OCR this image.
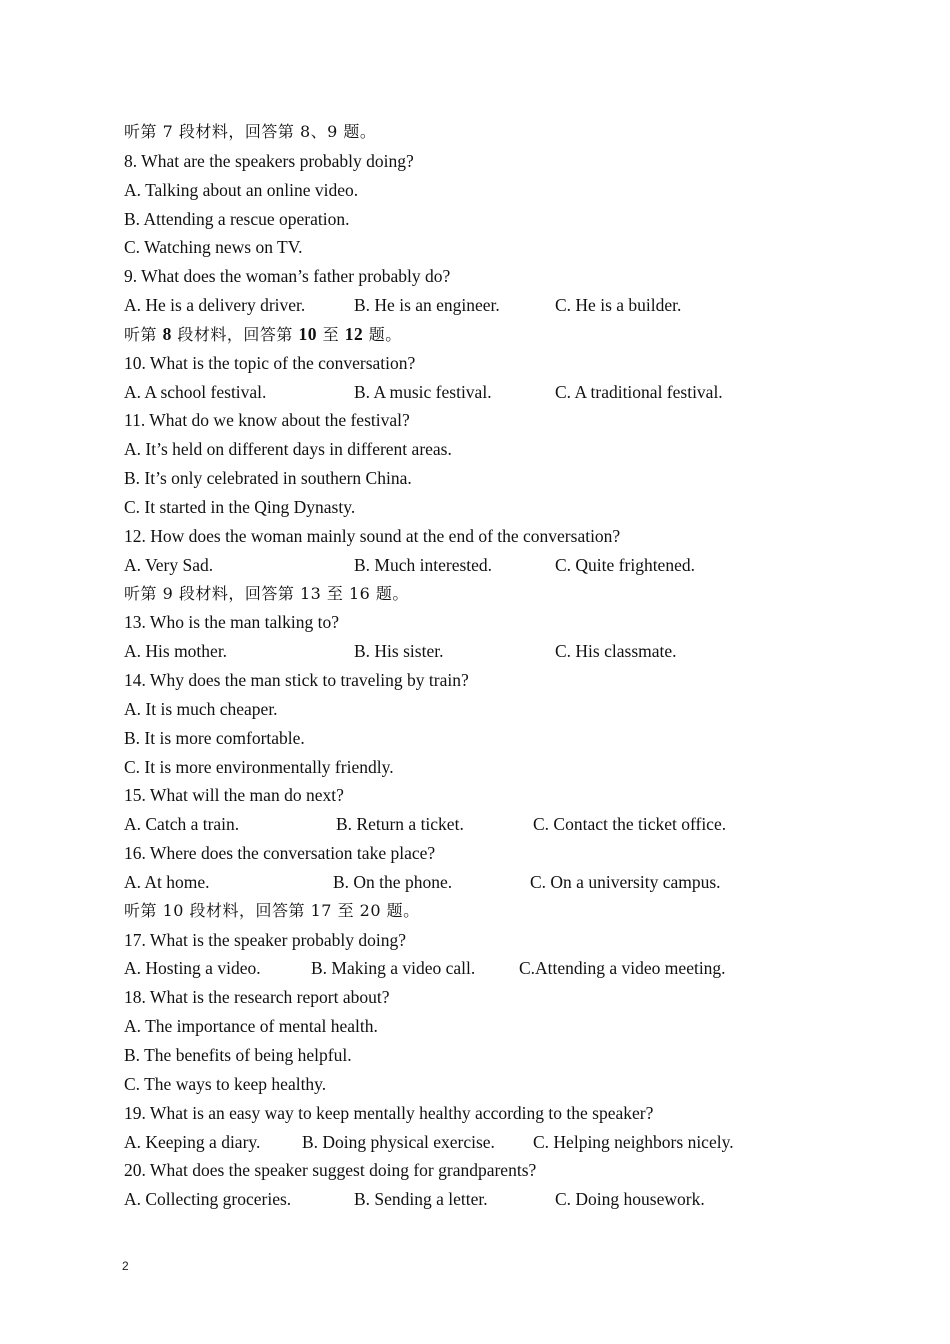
听第 7 段材料，回答第 8、9 题。
8. What are the speakers probably doing?
A. Talking about an online video.
B. Attending a rescue operation.
C. Watching news on TV.
9. What does the woman’s father probably do?
A. He is a delivery driver.	B. He is an engineer.	C. He is a builder.
听第 8 段材料，回答第 10 至 12 题。
10. What is the topic of the conversation?
A. A school festival.	B. A music festival.	C. A traditional festival.
11. What do we know about the festival?
A. It’s held on different days in different areas.
B. It’s only celebrated in southern China.
C. It started in the Qing Dynasty.
12. How does the woman mainly sound at the end of the conversation?
A. Very Sad.	B. Much interested.	C. Quite frightened.
听第 9 段材料，回答第 13 至 16 题。
13. Who is the man talking to?
A. His mother.	B. His sister.	C. His classmate.
14. Why does the man stick to traveling by train?
A. It is much cheaper.
B. It is more comfortable.
C. It is more environmentally friendly.
15. What will the man do next?
A. Catch a train.	B. Return a ticket.	C. Contact the ticket office.
16. Where does the conversation take place?
A. At home.	B. On the phone.	C. On a university campus.
听第 10 段材料，回答第 17 至 20 题。
17. What is the speaker probably doing?
A. Hosting a video.	B. Making a video call. C.Attending a video meeting.
18. What is the research report about?
A. The importance of mental health.
B. The benefits of being helpful.
C. The ways to keep healthy.
19. What is an easy way to keep mentally healthy according to the speaker?
A. Keeping a diary. B. Doing physical exercise. C. Helping neighbors nicely.
20. What does the speaker suggest doing for grandparents?
A. Collecting groceries.	B. Sending a letter.	C. Doing housework.
2
